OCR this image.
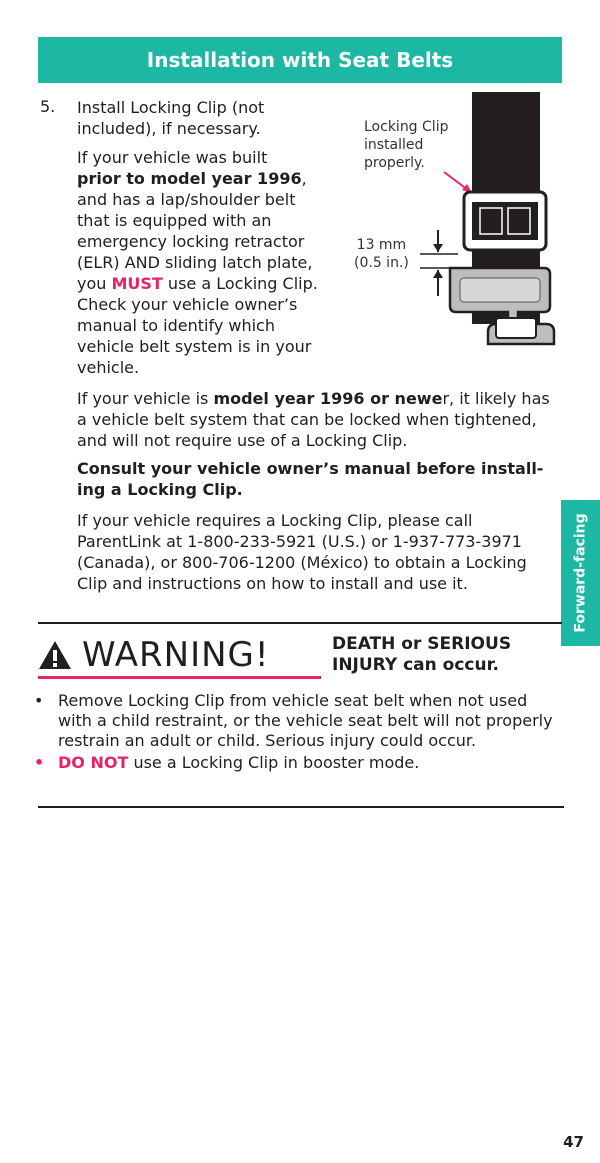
Installation with Seat Belts
Forward-facing
5. Install Locking Clip (not
included), if necessary.

If your vehicle was built
prior to model year 1996, and has a lap/shoulder belt that is equipped with an emergency locking retractor (ELR) AND sliding latch plate, you MUST use a Locking Clip. Check your vehicle owner’s manual to identify which vehicle belt system is in your vehicle.

Locking Clip
installed
properly.
13 mm
(0.5 in.)

If your vehicle is model year 1996 or newer, it likely has a vehicle belt system that can be locked when tightened, and will not require use of a Locking Clip.

Consult your vehicle owner’s manual before install-ing a Locking Clip.

If your vehicle requires a Locking Clip, please call ParentLink at 1-800-233-5921 (U.S.) or 1-937-773-3971 (Canada), or 800-706-1200 (México) to obtain a Locking Clip and instructions on how to install and use it.

WARNING!	DEATH or SERIOUS
INJURY can occur.
• Remove Locking Clip from vehicle seat belt when not used with a child restraint, or the vehicle seat belt will not properly restrain an adult or child. Serious injury could occur.
• DO NOT use a Locking Clip in booster mode.
47
